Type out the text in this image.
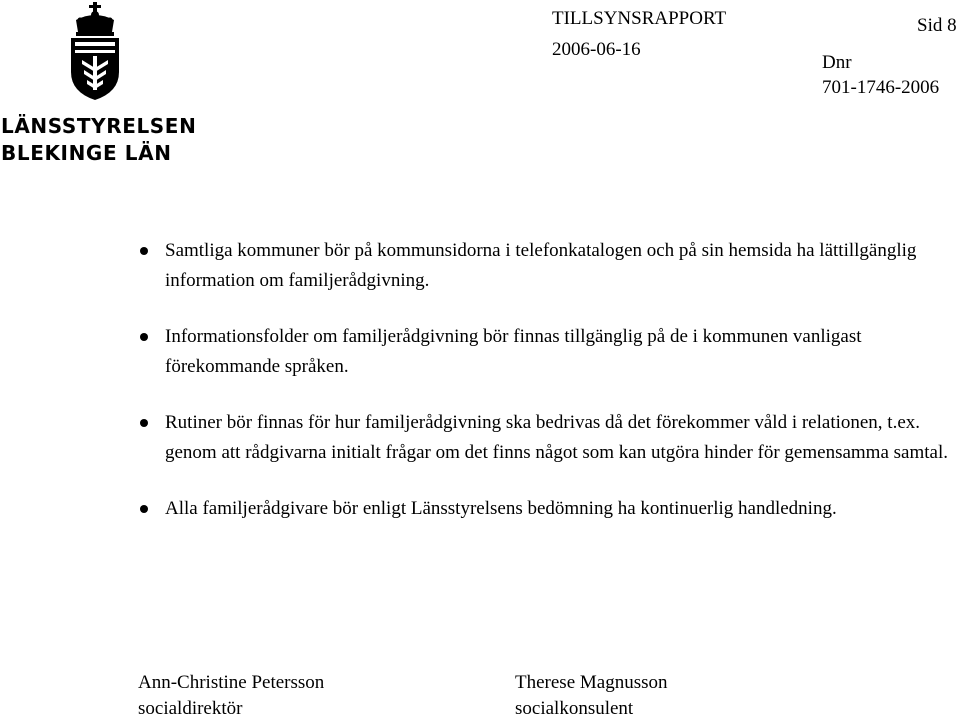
LÄNSSTYRELSEN
BLEKINGE LÄN
TILLSYNSRAPPORT
2006-06-16
Sid 8
Dnr
701-1746-2006
Samtliga kommuner bör på kommunsidorna i telefonkatalogen och på sin hemsida ha lättillgänglig information om familjerådgivning.
Informationsfolder om familjerådgivning bör finnas tillgänglig på de i kommunen vanligast förekommande språken.
Rutiner bör finnas för hur familjerådgivning ska bedrivas då det förekommer våld i relationen, t.ex. genom att rådgivarna initialt frågar om det finns något som kan utgöra hinder för gemensamma samtal.
Alla familjerådgivare bör enligt Länsstyrelsens bedömning ha kontinuerlig handledning.
Ann-Christine Petersson
socialdirektör
Therese Magnusson
socialkonsulent
